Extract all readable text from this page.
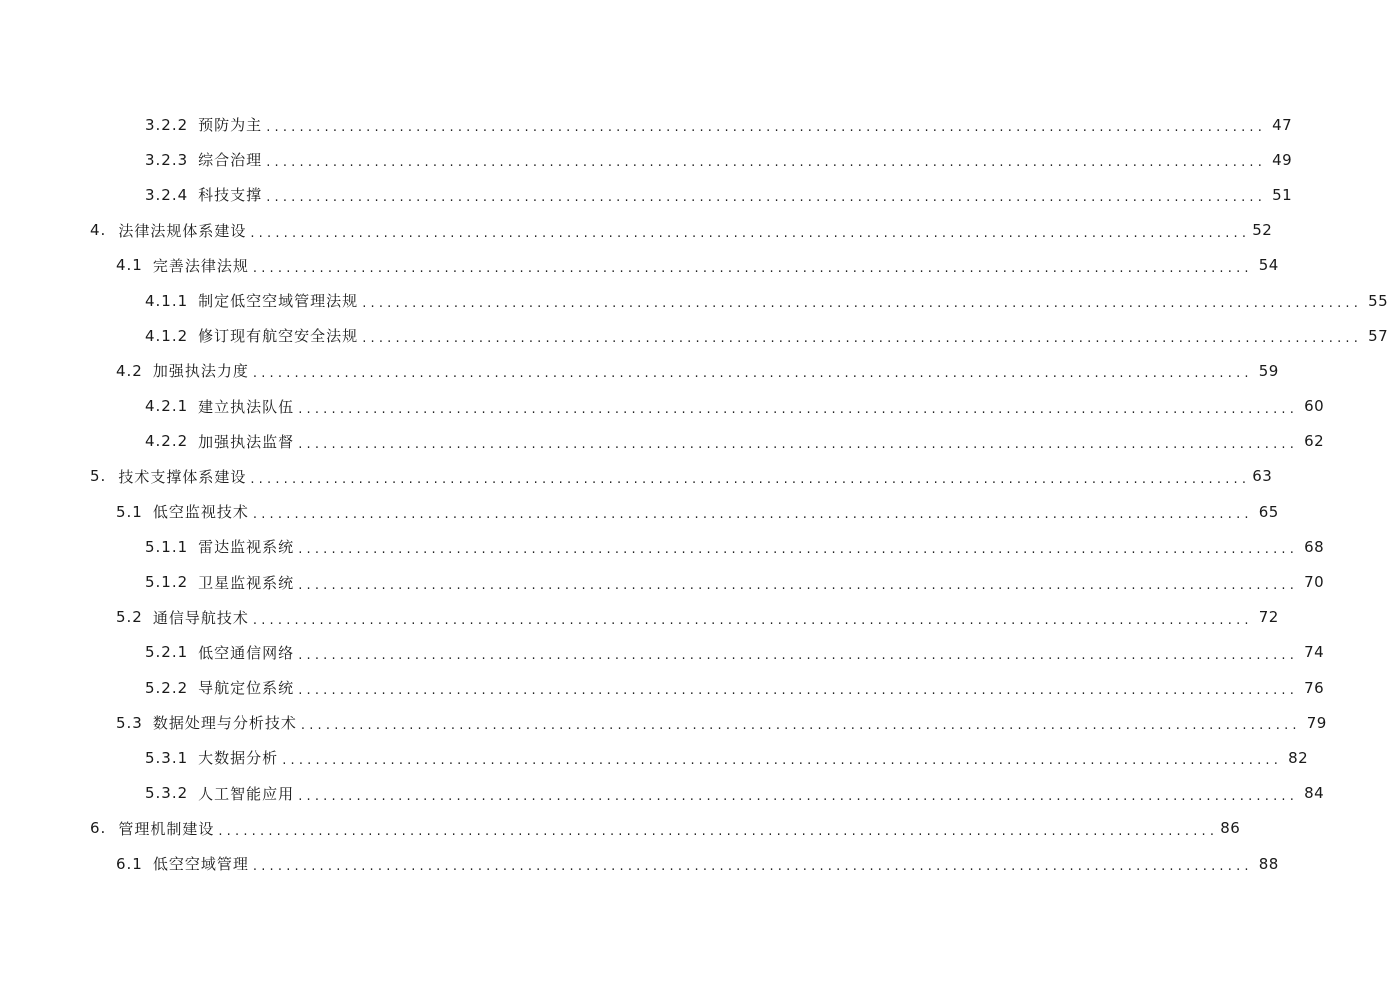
3.2.2 预防为主 ........................................................................................................................ 47
3.2.3 综合治理 ........................................................................................................................ 49
3.2.4 科技支撑 ........................................................................................................................ 51
4. 法律法规体系建设 ........................................................................................................................ 52
4.1 完善法律法规 ........................................................................................................................ 54
4.1.1 制定低空空域管理法规 ........................................................................................................................ 55
4.1.2 修订现有航空安全法规 ........................................................................................................................ 57
4.2 加强执法力度 ........................................................................................................................ 59
4.2.1 建立执法队伍 ........................................................................................................................ 60
4.2.2 加强执法监督 ........................................................................................................................ 62
5. 技术支撑体系建设 ........................................................................................................................ 63
5.1 低空监视技术 ........................................................................................................................ 65
5.1.1 雷达监视系统 ........................................................................................................................ 68
5.1.2 卫星监视系统 ........................................................................................................................ 70
5.2 通信导航技术 ........................................................................................................................ 72
5.2.1 低空通信网络 ........................................................................................................................ 74
5.2.2 导航定位系统 ........................................................................................................................ 76
5.3 数据处理与分析技术 ........................................................................................................................ 79
5.3.1 大数据分析 ........................................................................................................................ 82
5.3.2 人工智能应用 ........................................................................................................................ 84
6. 管理机制建设 ........................................................................................................................ 86
6.1 低空空域管理 ........................................................................................................................ 88
